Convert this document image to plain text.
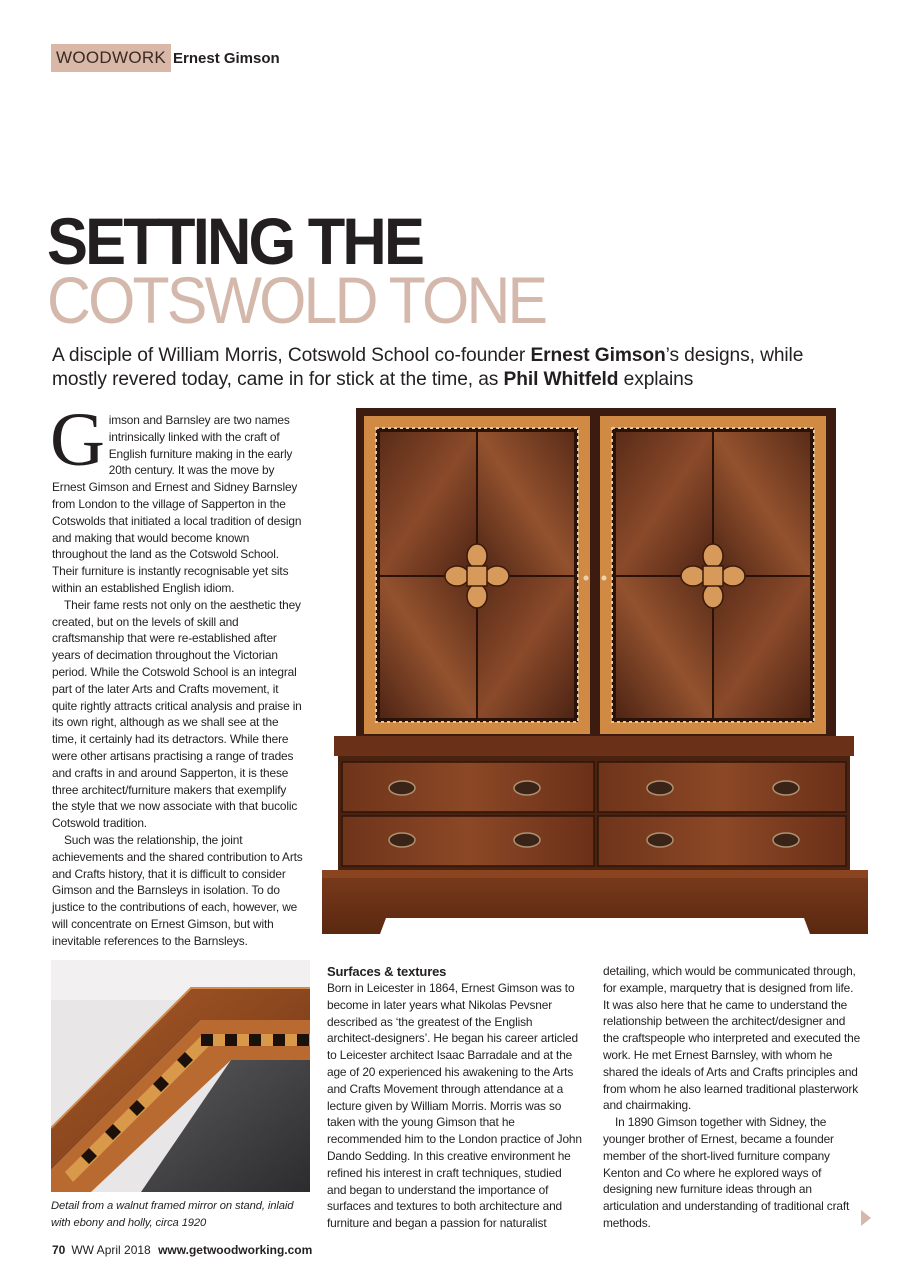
WOODWORK Ernest Gimson
SETTING THE
COTSWOLD TONE
A disciple of William Morris, Cotswold School co-founder Ernest Gimson’s designs, while mostly revered today, came in for stick at the time, as Phil Whitfeld explains

Gimson and Barnsley are two names intrinsically linked with the craft of English furniture making in the early 20th century. It was the move by Ernest Gimson and Ernest and Sidney Barnsley from London to the village of Sapperton in the Cotswolds that initiated a local tradition of design and making that would become known throughout the land as the Cotswold School. Their furniture is instantly recognisable yet sits within an established English idiom.

Their fame rests not only on the aesthetic they created, but on the levels of skill and craftsmanship that were re-established after years of decimation throughout the Victorian period. While the Cotswold School is an integral part of the later Arts and Crafts movement, it quite rightly attracts critical analysis and praise in its own right, although as we shall see at the time, it certainly had its detractors. While there were other artisans practising a range of trades and crafts in and around Sapperton, it is these three architect/furniture makers that exemplify the style that we now associate with that bucolic Cotswold tradition.

Such was the relationship, the joint achievements and the shared contribution to Arts and Crafts history, that it is difficult to consider Gimson and the Barnsleys in isolation. To do justice to the contributions of each, however, we will concentrate on Ernest Gimson, but with inevitable references to the Barnsleys.

Surfaces & textures

Born in Leicester in 1864, Ernest Gimson was to become in later years what Nikolas Pevsner described as ‘the greatest of the English architect-designers’. He began his career articled to Leicester architect Isaac Barradale and at the age of 20 experienced his awakening to the Arts and Crafts Movement through attendance at a lecture given by William Morris. Morris was so taken with the young Gimson that he recommended him to the London practice of John Dando Sedding. In this creative environment he refined his interest in craft techniques, studied and began to understand the importance of surfaces and textures to both architecture and furniture and began a passion for naturalist

detailing, which would be communicated through, for example, marquetry that is designed from life. It was also here that he came to understand the relationship between the architect/designer and the craftspeople who interpreted and executed the work. He met Ernest Barnsley, with whom he shared the ideals of Arts and Crafts principles and from whom he also learned traditional plasterwork and chairmaking.

In 1890 Gimson together with Sidney, the younger brother of Ernest, became a founder member of the short-lived furniture company Kenton and Co where he explored ways of designing new furniture ideas through an articulation and understanding of traditional craft methods.

Detail from a walnut framed mirror on stand, inlaid with ebony and holly, circa 1920
70 WW April 2018 www.getwoodworking.com
